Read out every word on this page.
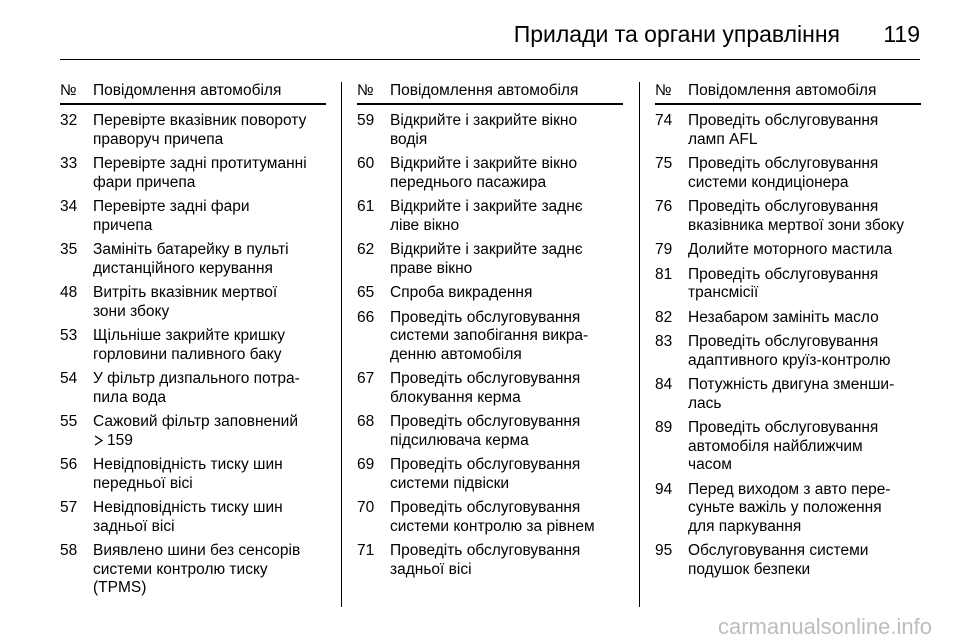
Прилади та органи управління 119
№	Повідомлення автомобіля
32	Перевірте вказівник повороту
праворуч причепа
33	Перевірте задні протитуманні
фари причепа
34	Перевірте задні фари
причепа
35	Замініть батарейку в пульті
дистанційного керування
48	Витріть вказівник мертвої
зони збоку
53	Щільніше закрийте кришку
горловини паливного баку
54	У фільтр дизпального потра-
пила вода
55	Сажовий фільтр заповнений
159
56	Невідповідність тиску шин
передньої вісі
57	Невідповідність тиску шин
задньої вісі
58	Виявлено шини без сенсорів
системи контролю тиску
(TPMS)
№	Повідомлення автомобіля
59	Відкрийте і закрийте вікно
водія
60	Відкрийте і закрийте вікно
переднього пасажира
61	Відкрийте і закрийте заднє
ліве вікно
62	Відкрийте і закрийте заднє
праве вікно
65	Спроба викрадення
66	Проведіть обслуговування
системи запобігання викра-
денню автомобіля
67	Проведіть обслуговування
блокування керма
68	Проведіть обслуговування
підсилювача керма
69	Проведіть обслуговування
системи підвіски
70	Проведіть обслуговування
системи контролю за рівнем
71	Проведіть обслуговування
задньої вісі
№	Повідомлення автомобіля
74	Проведіть обслуговування
ламп AFL
75	Проведіть обслуговування
системи кондиціонера
76	Проведіть обслуговування
вказівника мертвої зони збоку
79	Долийте моторного мастила
81	Проведіть обслуговування
трансмісії
82	Незабаром замініть масло
83	Проведіть обслуговування
адаптивного круїз-контролю
84	Потужність двигуна зменши-
лась
89	Проведіть обслуговування
автомобіля найближчим
часом
94	Перед виходом з авто пере-
суньте важіль у положення
для паркування
95	Обслуговування системи
подушок безпеки
carmanualsonline.info
